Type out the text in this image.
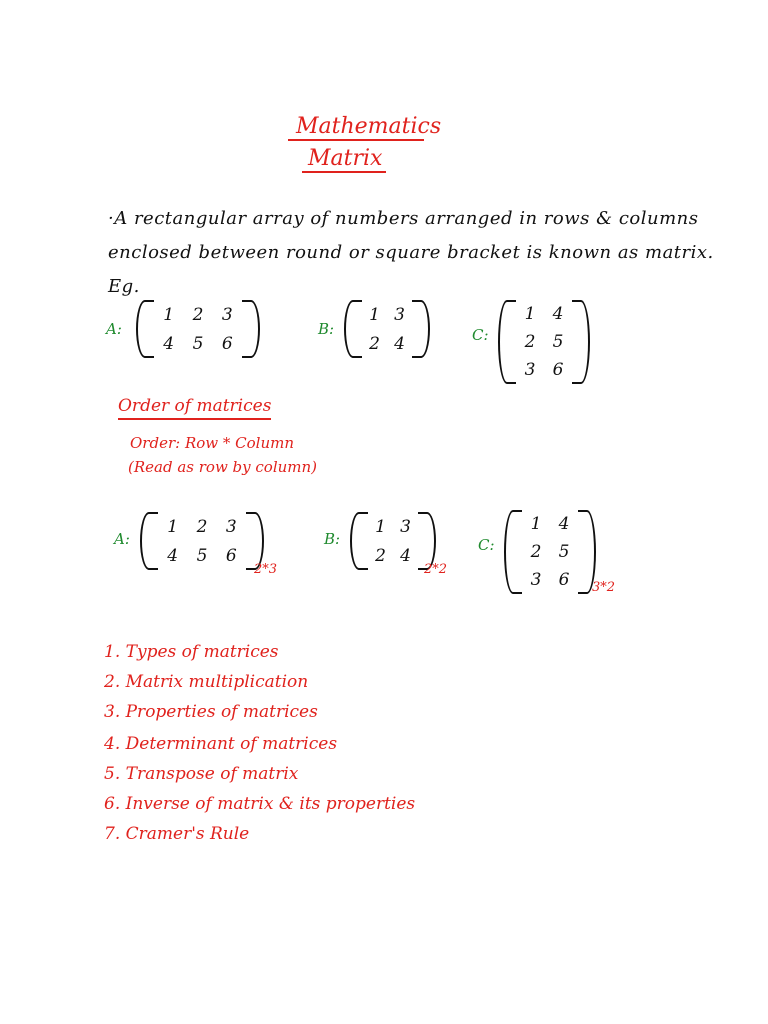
Mathematics
Matrix
·A rectangular array of numbers arranged in rows & columns
enclosed between round or square bracket is known as matrix.
Eg.
A:
1 2 3
4 5 6
B:
1 3
2 4	C:
1 4
2 5
3 6
Order of matrices
Order: Row * Column
(Read as row by column)
A:
1 2 3
4 5 6
2*3
B:
1 3
2 4
2*2
C:
1 4
2 5
3 6 3*2
1. Types of matrices
2. Matrix multiplication
3. Properties of matrices
4. Determinant of matrices
5. Transpose of matrix
6. Inverse of matrix & its properties
7. Cramer's Rule
